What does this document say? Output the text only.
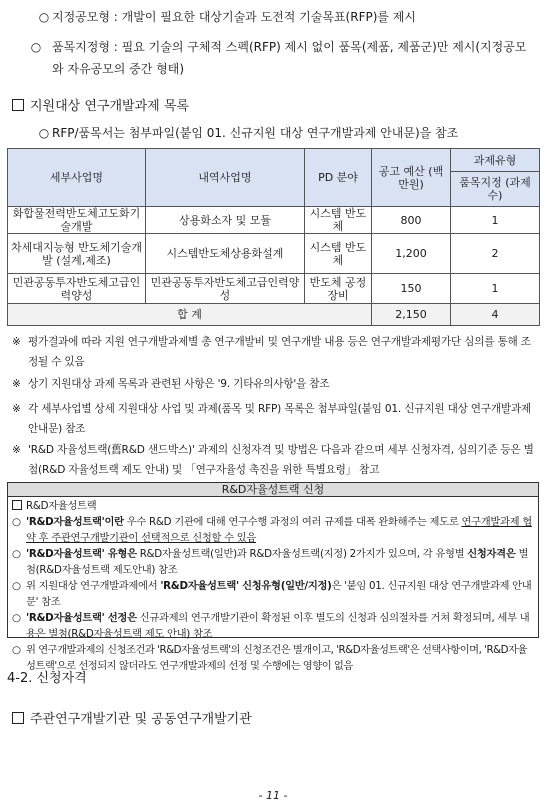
○ 지정공모형 : 개발이 필요한 대상기술과 도전적 기술목표(RFP)를 제시
○ 품목지정형 : 필요 기술의 구체적 스펙(RFP) 제시 없이 품목(제품, 제품군)만 제시(지정공모와 자유공모의 중간 형태)
지원대상 연구개발과제 목록
○ RFP/품목서는 첨부파일(붙임 01. 신규지원 대상 연구개발과제 안내문)을 참조
세부사업명	내역사업명	PD 분야	공고 예산 (백만원)	과제유형
				품목지정 (과제수)
화합물전력반도체고도화기술개발	상용화소자 및 모듈	시스템 반도체	800	1
차세대지능형 반도체기술개발 (설계,제조)	시스템반도체상용화설계	시스템 반도체	1,200	2
민관공동투자반도체고급인력양성	민관공동투자반도체고급인력양성	반도체 공정장비	150	1
합 계			2,150	4
※ 평가결과에 따라 지원 연구개발과제별 총 연구개발비 및 연구개발 내용 등은 연구개발과제평가단 심의를 통해 조정될 수 있음
※ 상기 지원대상 과제 목록과 관련된 사항은 '9. 기타유의사항'을 참조
※ 각 세부사업별 상세 지원대상 사업 및 과제(품목 및 RFP) 목록은 첨부파일(붙임 01. 신규지원 대상 연구개발과제 안내문) 참조
※ 'R&D 자율성트랙(舊R&D 샌드박스)' 과제의 신청자격 및 방법은 다음과 같으며 세부 신청자격, 심의기준 등은 별첨(R&D 자율성트랙 제도 안내) 및 「연구자율성 촉진을 위한 특별요령」 참고
R&D자율성트랙 신청
R&D자율성트랙
○ 'R&D자율성트랙'이란 우수 R&D 기관에 대해 연구수행 과정의 여러 규제를 대폭 완화해주는 제도로 연구개발과제 협약 후 주관연구개발기관이 선택적으로 신청할 수 있음
○ 'R&D자율성트랙' 유형은 R&D자율성트랙(일반)과 R&D자율성트랙(지정) 2가지가 있으며, 각 유형별 신청자격은 별첨(R&D자율성트랙 제도안내) 참조
○ 위 지원대상 연구개발과제에서 'R&D자율성트랙' 신청유형(일반/지정)은 '붙임 01. 신규지원 대상 연구개발과제 안내문' 참조
○ 'R&D자율성트랙' 선정은 신규과제의 연구개발기관이 확정된 이후 별도의 신청과 심의절차를 거쳐 확정되며, 세부 내용은 별첨(R&D자율성트랙 제도 안내) 참조
○ 위 연구개발과제의 신청조건과 'R&D자율성트랙'의 신청조건은 별개이고, 'R&D자율성트랙'은 선택사항이며, 'R&D자율성트랙'으로 선정되지 않더라도 연구개발과제의 선정 및 수행에는 영향이 없음
4-2. 신청자격
주관연구개발기관 및 공동연구개발기관
- 11 -
